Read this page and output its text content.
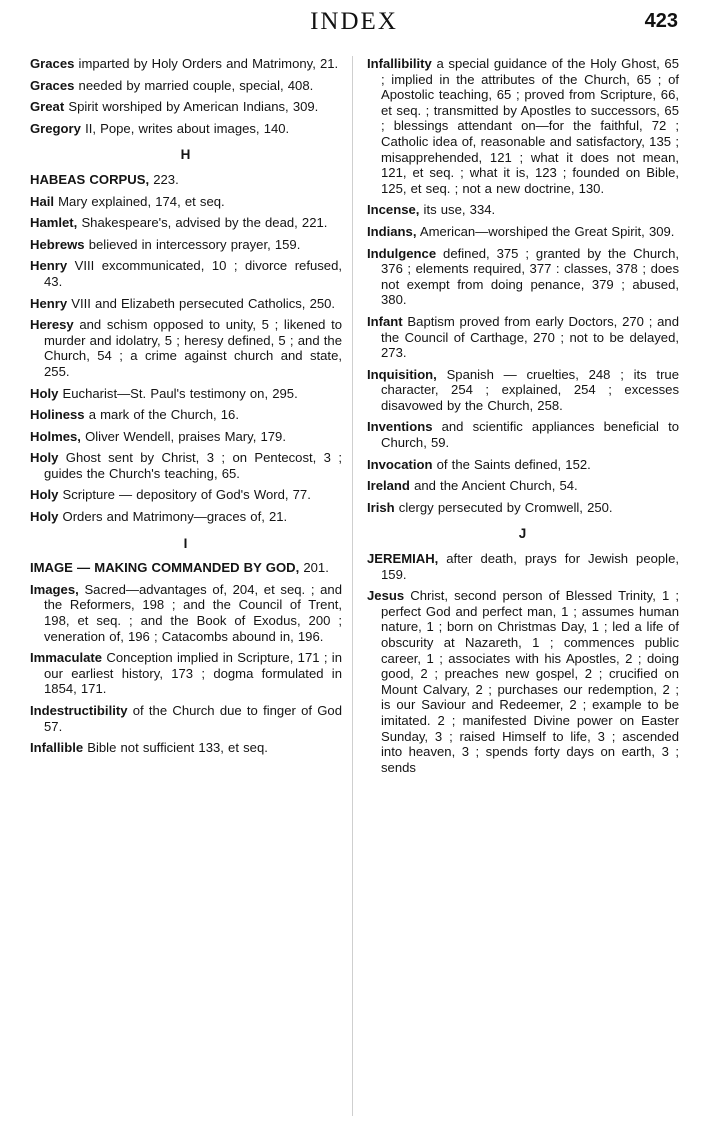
INDEX	423
Graces imparted by Holy Orders and Matrimony, 21.
Graces needed by married couple, special, 408.
Great Spirit worshiped by American Indians, 309.
Gregory II, Pope, writes about images, 140.
H
HABEAS CORPUS, 223.
Hail Mary explained, 174, et seq.
Hamlet, Shakespeare's, advised by the dead, 221.
Hebrews believed in intercessory prayer, 159.
Henry VIII excommunicated, 10 ; divorce refused, 43.
Henry VIII and Elizabeth persecuted Catholics, 250.
Heresy and schism opposed to unity, 5 ; likened to murder and idolatry, 5 ; heresy defined, 5 ; and the Church, 54 ; a crime against church and state, 255.
Holy Eucharist—St. Paul's testimony on, 295.
Holiness a mark of the Church, 16.
Holmes, Oliver Wendell, praises Mary, 179.
Holy Ghost sent by Christ, 3 ; on Pentecost, 3 ; guides the Church's teaching, 65.
Holy Scripture — depository of God's Word, 77.
Holy Orders and Matrimony—graces of, 21.
I
IMAGE — MAKING COMMANDED BY GOD, 201.
Images, Sacred—advantages of, 204, et seq. ; and the Reformers, 198 ; and the Council of Trent, 198, et seq. ; and the Book of Exodus, 200 ; veneration of, 196 ; Catacombs abound in, 196.
Immaculate Conception implied in Scripture, 171 ; in our earliest history, 173 ; dogma formulated in 1854, 171.
Indestructibility of the Church due to finger of God 57.
Infallible Bible not sufficient 133, et seq.
Infallibility a special guidance of the Holy Ghost, 65 ; implied in the attributes of the Church, 65 ; of Apostolic teaching, 65 ; proved from Scripture, 66, et seq. ; transmitted by Apostles to successors, 65 ; blessings attendant on—for the faithful, 72 ; Catholic idea of, reasonable and satisfactory, 135 ; misapprehended, 121 ; what it does not mean, 121, et seq. ; what it is, 123 ; founded on Bible, 125, et seq. ; not a new doctrine, 130.
Incense, its use, 334.
Indians, American—worshiped the Great Spirit, 309.
Indulgence defined, 375 ; granted by the Church, 376 ; elements required, 377 : classes, 378 ; does not exempt from doing penance, 379 ; abused, 380.
Infant Baptism proved from early Doctors, 270 ; and the Council of Carthage, 270 ; not to be delayed, 273.
Inquisition, Spanish — cruelties, 248 ; its true character, 254 ; explained, 254 ; excesses disavowed by the Church, 258.
Inventions and scientific appliances beneficial to Church, 59.
Invocation of the Saints defined, 152.
Ireland and the Ancient Church, 54.
Irish clergy persecuted by Cromwell, 250.
J
JEREMIAH, after death, prays for Jewish people, 159.
Jesus Christ, second person of Blessed Trinity, 1 ; perfect God and perfect man, 1 ; assumes human nature, 1 ; born on Christmas Day, 1 ; led a life of obscurity at Nazareth, 1 ; commences public career, 1 ; associates with his Apostles, 2 ; doing good, 2 ; preaches new gospel, 2 ; crucified on Mount Calvary, 2 ; purchases our redemption, 2 ; is our Saviour and Redeemer, 2 ; example to be imitated. 2 ; manifested Divine power on Easter Sunday, 3 ; raised Himself to life, 3 ; ascended into heaven, 3 ; spends forty days on earth, 3 ; sends
